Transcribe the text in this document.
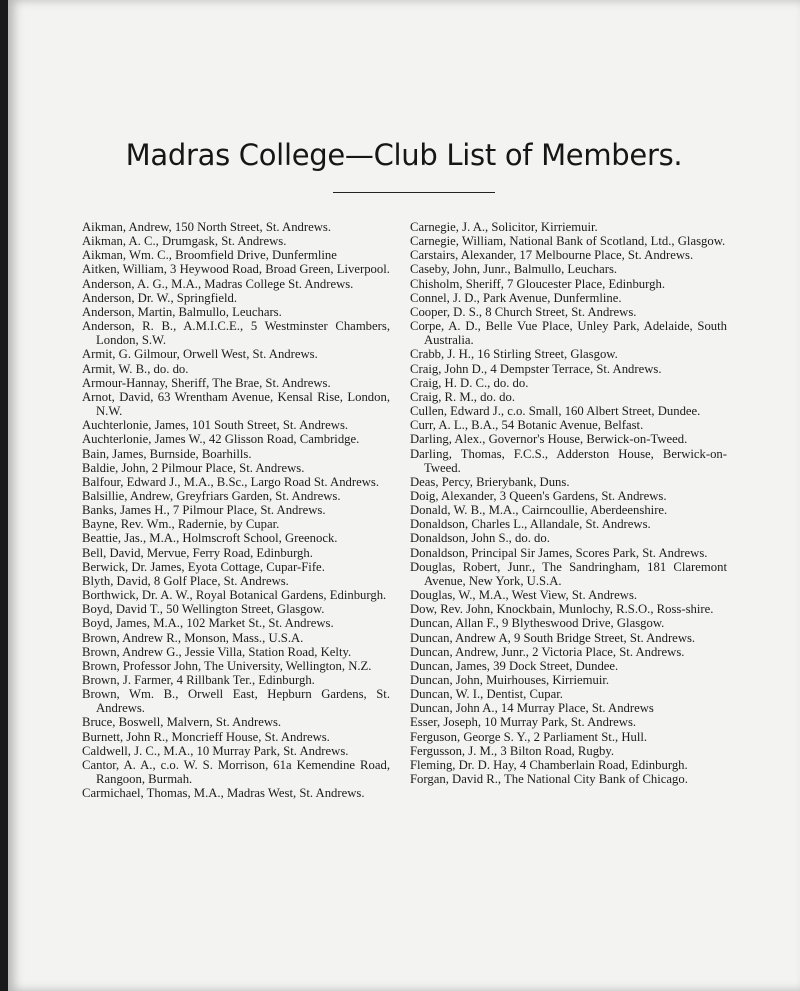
Madras College—Club List of Members.

Aikman, Andrew, 150 North Street, St. Andrews.

Aikman, A. C., Drumgask, St. Andrews.

Aikman, Wm. C., Broomfield Drive, Dunfermline

Aitken, William, 3 Heywood Road, Broad Green, Liverpool.

Anderson, A. G., M.A., Madras College St. Andrews.

Anderson, Dr. W., Springfield.

Anderson, Martin, Balmullo, Leuchars.

Anderson, R. B., A.M.I.C.E., 5 Westminster Chambers, London, S.W.

Armit, G. Gilmour, Orwell West, St. Andrews.

Armit, W. B., do. do.

Armour-Hannay, Sheriff, The Brae, St. Andrews.

Arnot, David, 63 Wrentham Avenue, Kensal Rise, London, N.W.

Auchterlonie, James, 101 South Street, St. Andrews.

Auchterlonie, James W., 42 Glisson Road, Cambridge.

Bain, James, Burnside, Boarhills.

Baldie, John, 2 Pilmour Place, St. Andrews.

Balfour, Edward J., M.A., B.Sc., Largo Road St. Andrews.

Balsillie, Andrew, Greyfriars Garden, St. Andrews.

Banks, James H., 7 Pilmour Place, St. Andrews.

Bayne, Rev. Wm., Radernie, by Cupar.

Beattie, Jas., M.A., Holmscroft School, Greenock.

Bell, David, Mervue, Ferry Road, Edinburgh.

Berwick, Dr. James, Eyota Cottage, Cupar-Fife.

Blyth, David, 8 Golf Place, St. Andrews.

Borthwick, Dr. A. W., Royal Botanical Gardens, Edinburgh.

Boyd, David T., 50 Wellington Street, Glasgow.

Boyd, James, M.A., 102 Market St., St. Andrews.

Brown, Andrew R., Monson, Mass., U.S.A.

Brown, Andrew G., Jessie Villa, Station Road, Kelty.

Brown, Professor John, The University, Wellington, N.Z.

Brown, J. Farmer, 4 Rillbank Ter., Edinburgh.

Brown, Wm. B., Orwell East, Hepburn Gardens, St. Andrews.

Bruce, Boswell, Malvern, St. Andrews.

Burnett, John R., Moncrieff House, St. Andrews.

Caldwell, J. C., M.A., 10 Murray Park, St. Andrews.

Cantor, A. A., c.o. W. S. Morrison, 61a Kemendine Road, Rangoon, Burmah.

Carmichael, Thomas, M.A., Madras West, St. Andrews.

Carnegie, J. A., Solicitor, Kirriemuir.

Carnegie, William, National Bank of Scotland, Ltd., Glasgow.

Carstairs, Alexander, 17 Melbourne Place, St. Andrews.

Caseby, John, Junr., Balmullo, Leuchars.

Chisholm, Sheriff, 7 Gloucester Place, Edinburgh.

Connel, J. D., Park Avenue, Dunfermline.

Cooper, D. S., 8 Church Street, St. Andrews.

Corpe, A. D., Belle Vue Place, Unley Park, Adelaide, South Australia.

Crabb, J. H., 16 Stirling Street, Glasgow.

Craig, John D., 4 Dempster Terrace, St. Andrews.

Craig, H. D. C., do. do.

Craig, R. M., do. do.

Cullen, Edward J., c.o. Small, 160 Albert Street, Dundee.

Curr, A. L., B.A., 54 Botanic Avenue, Belfast.

Darling, Alex., Governor's House, Berwick-on-Tweed.

Darling, Thomas, F.C.S., Adderston House, Berwick-on-Tweed.

Deas, Percy, Brierybank, Duns.

Doig, Alexander, 3 Queen's Gardens, St. Andrews.

Donald, W. B., M.A., Cairncoullie, Aberdeenshire.

Donaldson, Charles L., Allandale, St. Andrews.

Donaldson, John S., do. do.

Donaldson, Principal Sir James, Scores Park, St. Andrews.

Douglas, Robert, Junr., The Sandringham, 181 Claremont Avenue, New York, U.S.A.

Douglas, W., M.A., West View, St. Andrews.

Dow, Rev. John, Knockbain, Munlochy, R.S.O., Ross-shire.

Duncan, Allan F., 9 Blytheswood Drive, Glasgow.

Duncan, Andrew A, 9 South Bridge Street, St. Andrews.

Duncan, Andrew, Junr., 2 Victoria Place, St. Andrews.

Duncan, James, 39 Dock Street, Dundee.

Duncan, John, Muirhouses, Kirriemuir.

Duncan, W. I., Dentist, Cupar.

Duncan, John A., 14 Murray Place, St. Andrews

Esser, Joseph, 10 Murray Park, St. Andrews.

Ferguson, George S. Y., 2 Parliament St., Hull.

Fergusson, J. M., 3 Bilton Road, Rugby.

Fleming, Dr. D. Hay, 4 Chamberlain Road, Edinburgh.

Forgan, David R., The National City Bank of Chicago.
